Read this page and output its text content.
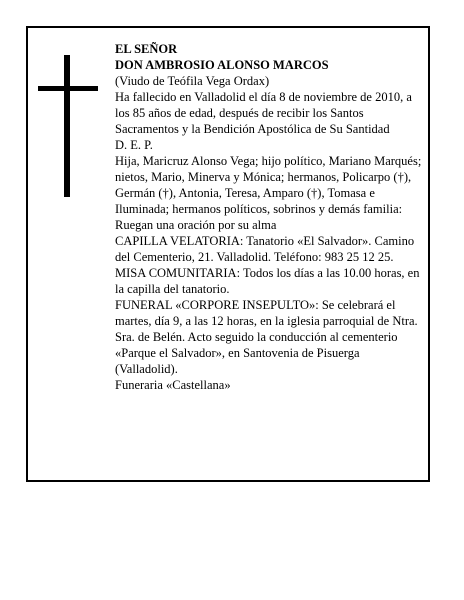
EL SEÑOR

DON AMBROSIO ALONSO MARCOS

(Viudo de Teófila Vega Ordax)

Ha fallecido en Valladolid el día 8 de noviembre de 2010, a los 85 años de edad, después de recibir los Santos Sacramentos y la Bendición Apostólica de Su Santidad

D. E. P.

Hija, Maricruz Alonso Vega; hijo político, Mariano Marqués; nietos, Mario, Minerva y Mónica; hermanos, Policarpo (†), Germán (†), Antonia, Teresa, Amparo (†), Tomasa e Iluminada; hermanos políticos, sobrinos y demás familia:

Ruegan una oración por su alma

CAPILLA VELATORIA: Tanatorio «El Salvador». Camino del Cementerio, 21. Valladolid. Teléfono: 983 25 12 25.

MISA COMUNITARIA: Todos los días a las 10.00 horas, en la capilla del tanatorio.

FUNERAL «CORPORE INSEPULTO»: Se celebrará el martes, día 9, a las 12 horas, en la iglesia parroquial de Ntra. Sra. de Belén. Acto seguido la conducción al cementerio «Parque el Salvador», en Santovenia de Pisuerga (Valladolid).

Funeraria «Castellana»
